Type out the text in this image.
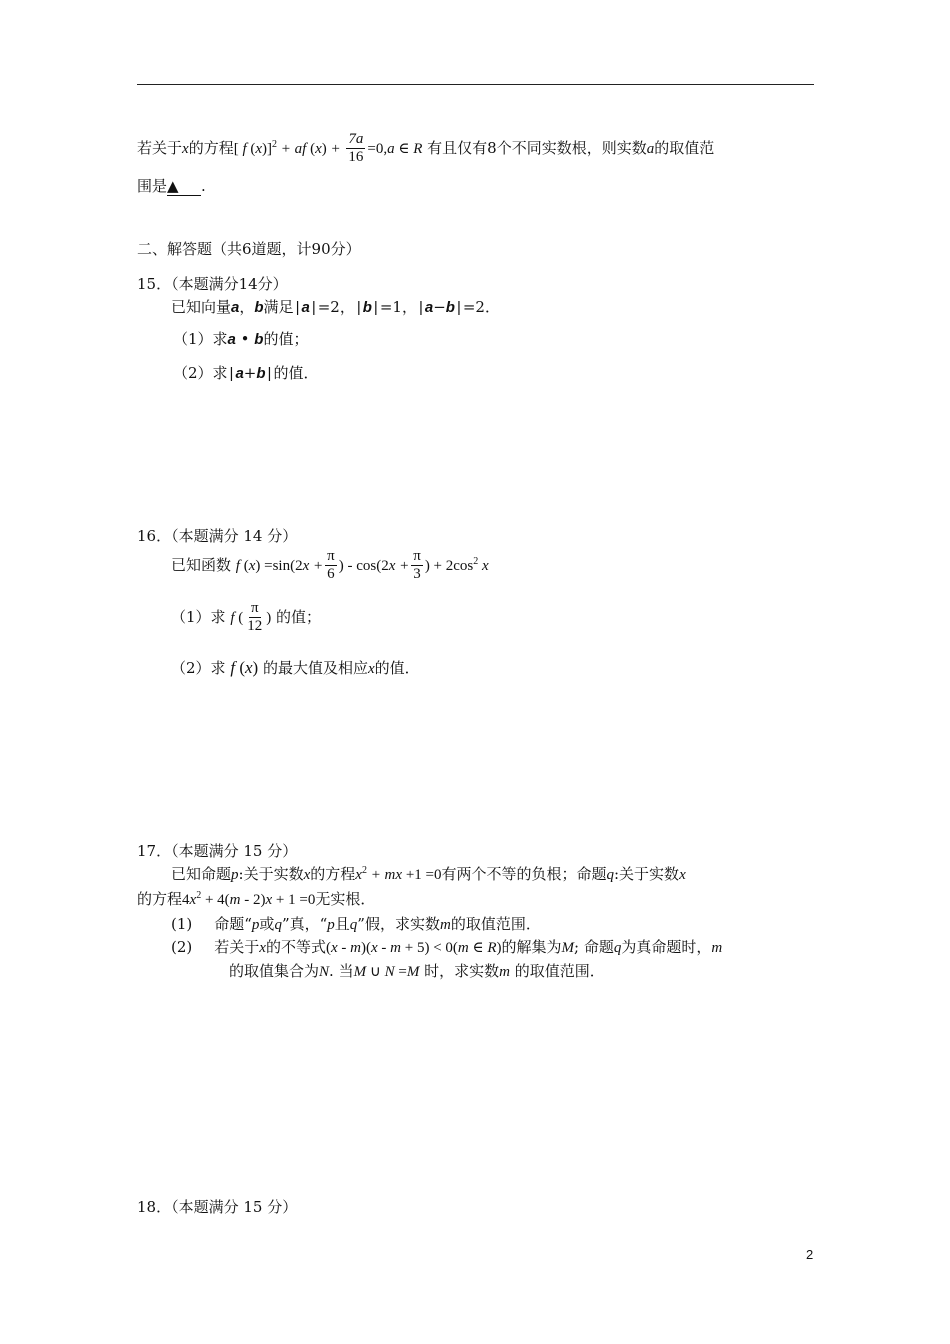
若关于x的方程[ f (x)]$^2$ + af $(x) + \frac{7a}{16} =0,a$ ∈ R 有且仅有8个不同实数根，则实数a的取值范
围是▲ .
二、解答题（共6道题，计90分）
15．（本题满分14分）
已知向量a，b满足 | a | =2， | b | =1， | a−b | =2．
（1）求a • b的值；
（2）求 | a+b | 的值．
16．（本题满分 14 分）
已知函数 f $(x) =\sin(2x + \frac{\pi}{6}$ ) - $\cos(2x + \frac{\pi}{3}$ ) + $2\cos^2$ x
（1）求 f ( $\frac{\pi}{12}$ ) 的值；
（2）求 f (x) 的最大值及相应x的值．
17．（本题满分 15 分）
已知命题p:关于实数x的方程$x^2$ + mx +1 =0有两个不等的负根；命题q:关于实数x
的方程$4x^2 + 4(m - 2)x + 1 =0$无实根．
(1) 命题“p或q”真，“p且q”假，求实数m的取值范围．
(2) 若关于x的不等式(x - m)(x - m + 5) < 0(m ∈ R)的解集为M; 命题q为真命题时，m
的取值集合为N. 当M ∪ N =M 时，求实数m 的取值范围．
18．（本题满分 15 分）
2
